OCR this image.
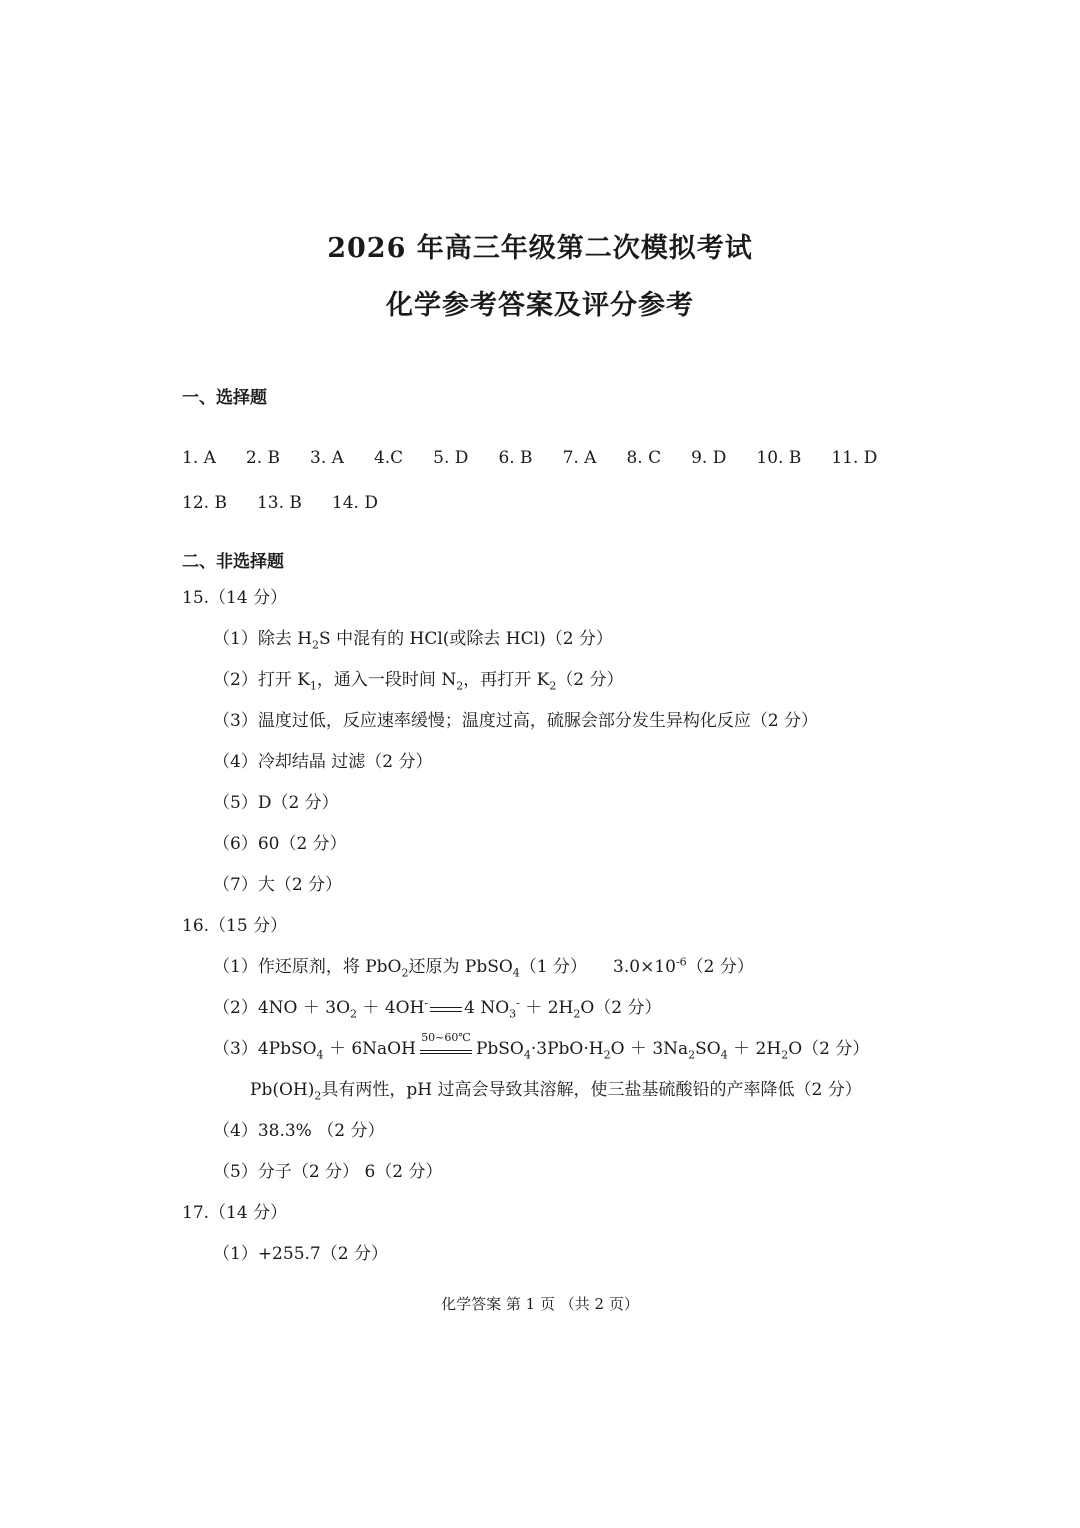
2026 年高三年级第二次模拟考试
化学参考答案及评分参考
一、选择题
1. A 2. B 3. A 4.C 5. D 6. B 7. A 8. C 9. D 10. B 11. D
12. B 13. B 14. D
二、非选择题
15.（14 分）
（1）除去 $H_2S$ 中混有的 HCl(或除去 HCl)（2 分）
（2）打开 $K_1$，通入一段时间 $N_2$，再打开 $K_2(2$ 分）
（3）温度过低，反应速率缓慢；温度过高，硫脲会部分发生异构化反应（2 分）
（4）冷却结晶 过滤（2 分）
（5）D（2 分）
（6）60（2 分）
（7）大（2 分）
16.（15 分）
（1）作还原剂，将 PbO$_2$还原为 PbSO$_4$（1 分） $3.0\times 10^{-6}(2$ 分）
$(2)4NO + 3O_2 + 4OH^-$ 4 $NO_3^- + 2H_2O(2$ 分）
（3）4PbSO$_4$ ＋ 6NaOH
50~60℃
$PbSO_4\cdot 3PbO\cdot H_2O + 3Na_2SO_4 + 2H_2O(2$ 分）
$Pb(OH)_2$具有两性，pH 过高会导致其溶解，使三盐基硫酸铅的产率降低（2 分）
（4）38.3% （2 分）
（5）分子（2 分） 6（2 分）
17.（14 分）
（1）+255.7（2 分）
化学答案 第 1 页 （共 2 页）
